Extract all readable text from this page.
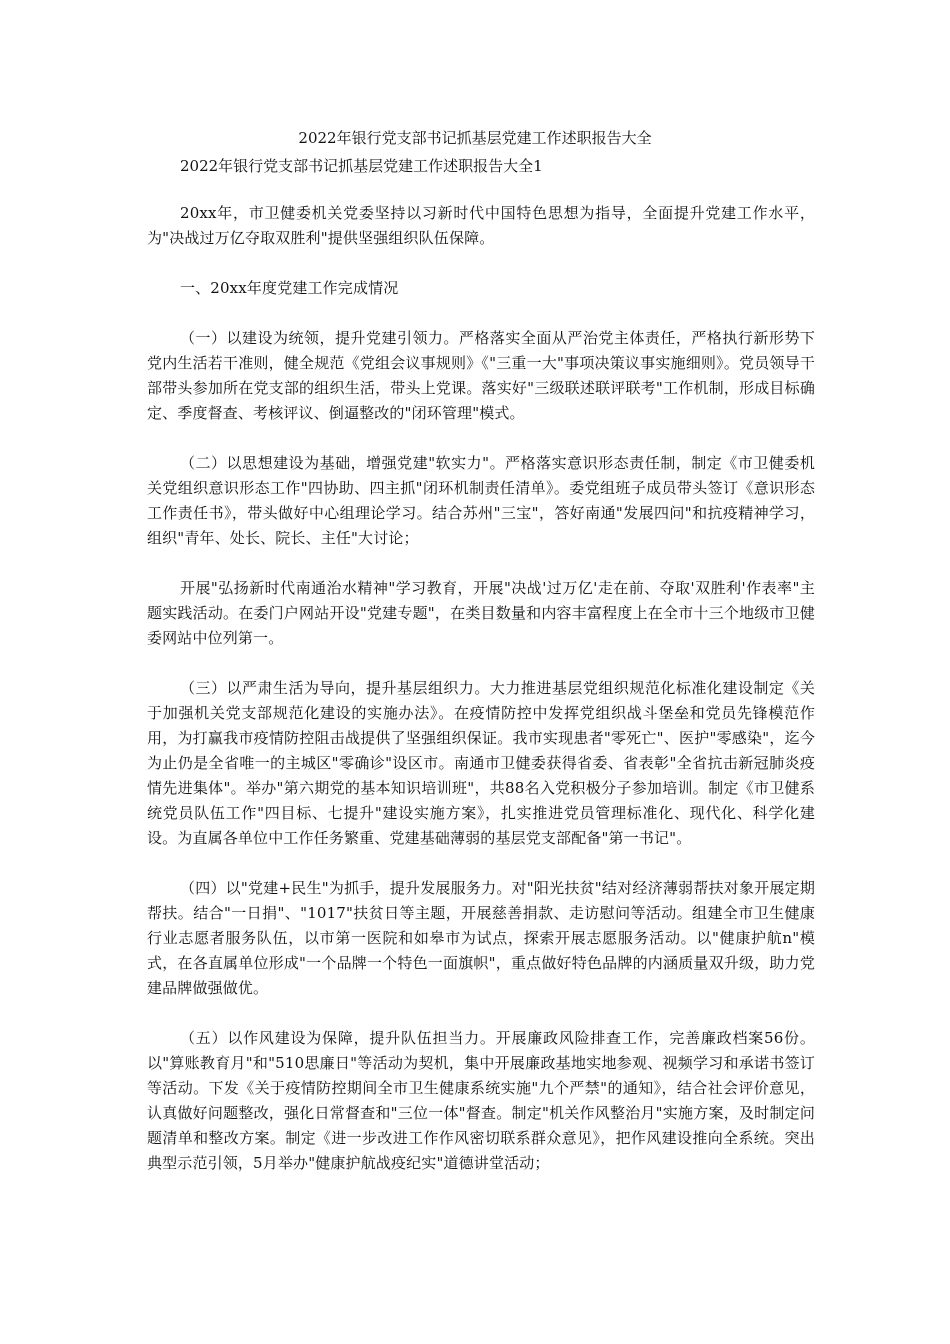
2022年银行党支部书记抓基层党建工作述职报告大全
2022年银行党支部书记抓基层党建工作述职报告大全1

20xx年，市卫健委机关党委坚持以习新时代中国特色思想为指导，全面提升党建工作水平，为"决战过万亿夺取双胜利"提供坚强组织队伍保障。

一、20xx年度党建工作完成情况

（一）以建设为统领，提升党建引领力。严格落实全面从严治党主体责任，严格执行新形势下党内生活若干准则，健全规范《党组会议事规则》《"三重一大"事项决策议事实施细则》。党员领导干部带头参加所在党支部的组织生活，带头上党课。落实好"三级联述联评联考"工作机制，形成目标确定、季度督查、考核评议、倒逼整改的"闭环管理"模式。

（二）以思想建设为基础，增强党建"软实力"。严格落实意识形态责任制，制定《市卫健委机关党组织意识形态工作"四协助、四主抓"闭环机制责任清单》。委党组班子成员带头签订《意识形态工作责任书》，带头做好中心组理论学习。结合苏州"三宝"，答好南通"发展四问"和抗疫精神学习，组织"青年、处长、院长、主任"大讨论；

开展"弘扬新时代南通治水精神"学习教育，开展"决战'过万亿'走在前、夺取'双胜利'作表率"主题实践活动。在委门户网站开设"党建专题"，在类目数量和内容丰富程度上在全市十三个地级市卫健委网站中位列第一。

（三）以严肃生活为导向，提升基层组织力。大力推进基层党组织规范化标准化建设制定《关于加强机关党支部规范化建设的实施办法》。在疫情防控中发挥党组织战斗堡垒和党员先锋模范作用，为打赢我市疫情防控阻击战提供了坚强组织保证。我市实现患者"零死亡"、医护"零感染"，迄今为止仍是全省唯一的主城区"零确诊"设区市。南通市卫健委获得省委、省表彰"全省抗击新冠肺炎疫情先进集体"。举办"第六期党的基本知识培训班"，共88名入党积极分子参加培训。制定《市卫健系统党员队伍工作"四目标、七提升"建设实施方案》，扎实推进党员管理标准化、现代化、科学化建设。为直属各单位中工作任务繁重、党建基础薄弱的基层党支部配备"第一书记"。

（四）以"党建+民生"为抓手，提升发展服务力。对"阳光扶贫"结对经济薄弱帮扶对象开展定期帮扶。结合"一日捐"、"1017"扶贫日等主题，开展慈善捐款、走访慰问等活动。组建全市卫生健康行业志愿者服务队伍，以市第一医院和如皋市为试点，探索开展志愿服务活动。以"健康护航n"模式，在各直属单位形成"一个品牌一个特色一面旗帜"，重点做好特色品牌的内涵质量双升级，助力党建品牌做强做优。

（五）以作风建设为保障，提升队伍担当力。开展廉政风险排查工作，完善廉政档案56份。以"算账教育月"和"510思廉日"等活动为契机，集中开展廉政基地实地参观、视频学习和承诺书签订等活动。下发《关于疫情防控期间全市卫生健康系统实施"九个严禁"的通知》，结合社会评价意见，认真做好问题整改，强化日常督查和"三位一体"督查。制定"机关作风整治月"实施方案，及时制定问题清单和整改方案。制定《进一步改进工作作风密切联系群众意见》，把作风建设推向全系统。突出典型示范引领，5月举办"健康护航战疫纪实"道德讲堂活动；
